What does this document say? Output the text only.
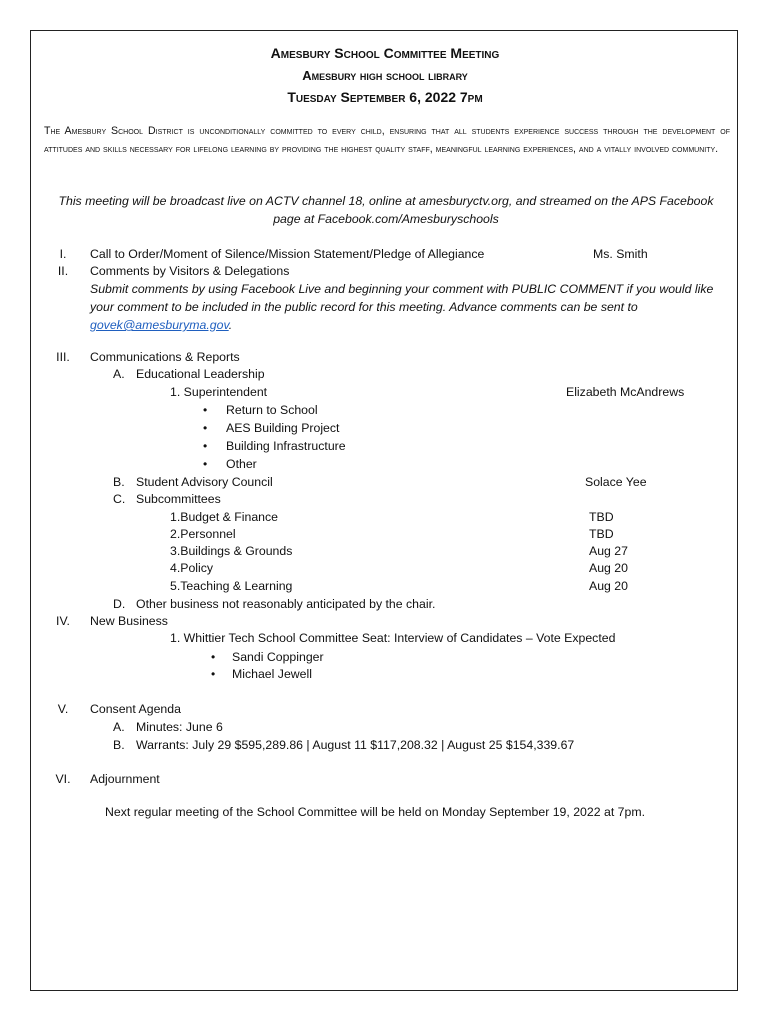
Amesbury School Committee Meeting
Amesbury high school library
Tuesday September 6, 2022 7pm
The Amesbury School District is unconditionally committed to every child, ensuring that all students experience success through the development of attitudes and skills necessary for lifelong learning by providing the highest quality staff, meaningful learning experiences, and a vitally involved community.
This meeting will be broadcast live on ACTV channel 18, online at amesburyctv.org, and streamed on the APS Facebook page at Facebook.com/Amesburyschools
I.	Call to Order/Moment of Silence/Mission Statement/Pledge of Allegiance	Ms. Smith
II.	Comments by Visitors & Delegations
Submit comments by using Facebook Live and beginning your comment with PUBLIC COMMENT if you would like your comment to be included in the public record for this meeting. Advance comments can be sent to govek@amesburyma.gov.
III.	Communications & Reports
A. Educational Leadership
1. Superintendent	Elizabeth McAndrews
• Return to School
• AES Building Project
• Building Infrastructure
• Other
B. Student Advisory Council	Solace Yee
C. Subcommittees
1.Budget & Finance	TBD
2.Personnel	TBD
3.Buildings & Grounds	Aug 27
4.Policy	Aug 20
5.Teaching & Learning	Aug 20
D. Other business not reasonably anticipated by the chair.
IV.	New Business
1. Whittier Tech School Committee Seat: Interview of Candidates – Vote Expected
• Sandi Coppinger
• Michael Jewell
V.	Consent Agenda
A. Minutes: June 6
B. Warrants: July 29 $595,289.86 | August 11 $117,208.32 | August 25 $154,339.67
VI.	Adjournment
Next regular meeting of the School Committee will be held on Monday September 19, 2022 at 7pm.
